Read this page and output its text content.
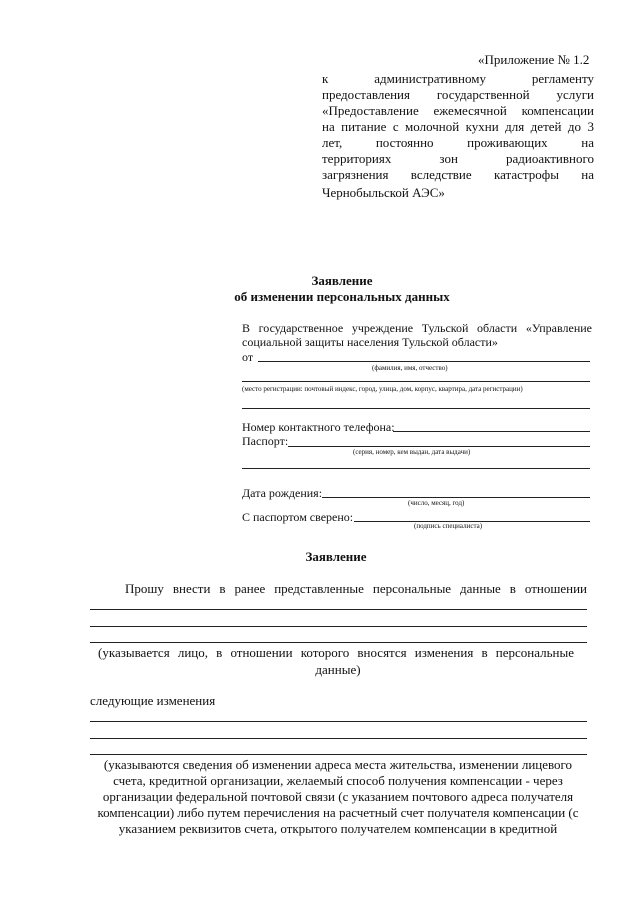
«Приложение № 1.2
к административному регламенту
предоставления государственной услуги
«Предоставление ежемесячной компенсации
на питание с молочной кухни для детей до 3
лет, постоянно проживающих на
территориях зон радиоактивного
загрязнения вследствие катастрофы на
Чернобыльской АЭС»
Заявление
об изменении персональных данных
В государственное учреждение Тульской области «Управление
социальной защиты населения Тульской области»
от
(фамилия, имя, отчество)
(место регистрации: почтовый индекс, город, улица, дом, корпус, квартира, дата регистрации)
Номер контактного телефона:
Паспорт:
(серия, номер, кем выдан, дата выдачи)
Дата рождения:
(число, месяц, год)
С паспортом сверено:
(подпись специалиста)
Заявление
Прошу внести в ранее представленные персональные данные в отношении
(указывается лицо, в отношении которого вносятся изменения в персональные
данные)
следующие изменения
(указываются сведения об изменении адреса места жительства, изменении лицевого
счета, кредитной организации, желаемый способ получения компенсации - через
организации федеральной почтовой связи (с указанием почтового адреса получателя
компенсации) либо путем перечисления на расчетный счет получателя компенсации (с
указанием реквизитов счета, открытого получателем компенсации в кредитной
